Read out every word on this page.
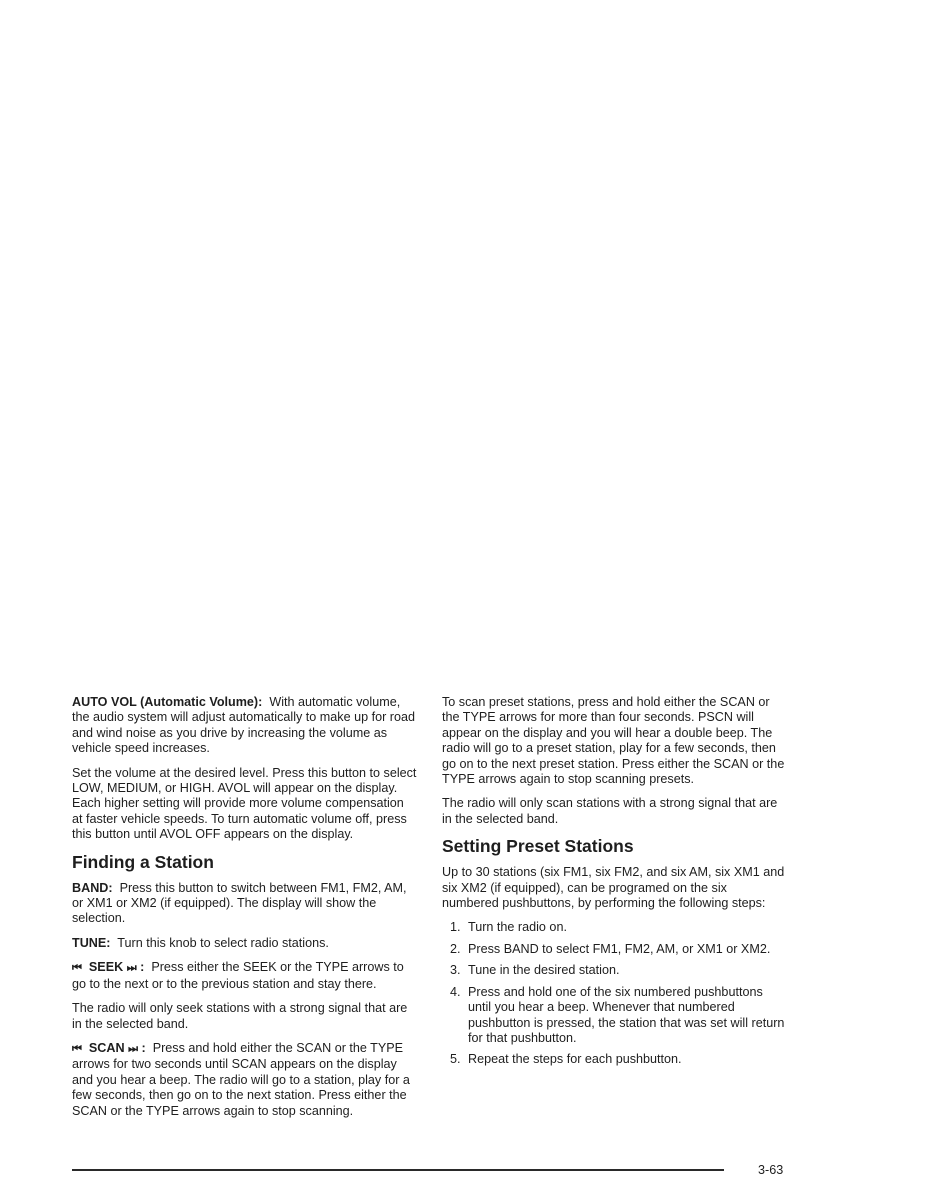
AUTO VOL (Automatic Volume): With automatic volume, the audio system will adjust automatically to make up for road and wind noise as you drive by increasing the volume as vehicle speed increases.

Set the volume at the desired level. Press this button to select LOW, MEDIUM, or HIGH. AVOL will appear on the display. Each higher setting will provide more volume compensation at faster vehicle speeds. To turn automatic volume off, press this button until AVOL OFF appears on the display.

Finding a Station

BAND: Press this button to switch between FM1, FM2, AM, or XM1 or XM2 (if equipped). The display will show the selection.

TUNE: Turn this knob to select radio stations.

⏮ SEEK ⏭ : Press either the SEEK or the TYPE arrows to go to the next or to the previous station and stay there.

The radio will only seek stations with a strong signal that are in the selected band.

⏮ SCAN ⏭ : Press and hold either the SCAN or the TYPE arrows for two seconds until SCAN appears on the display and you hear a beep. The radio will go to a station, play for a few seconds, then go on to the next station. Press either the SCAN or the TYPE arrows again to stop scanning.

To scan preset stations, press and hold either the SCAN or the TYPE arrows for more than four seconds. PSCN will appear on the display and you will hear a double beep. The radio will go to a preset station, play for a few seconds, then go on to the next preset station. Press either the SCAN or the TYPE arrows again to stop scanning presets.

The radio will only scan stations with a strong signal that are in the selected band.

Setting Preset Stations

Up to 30 stations (six FM1, six FM2, and six AM, six XM1 and six XM2 (if equipped), can be programed on the six numbered pushbuttons, by performing the following steps:

1. Turn the radio on.
2. Press BAND to select FM1, FM2, AM, or XM1 or XM2.
3. Tune in the desired station.
4. Press and hold one of the six numbered pushbuttons until you hear a beep. Whenever that numbered pushbutton is pressed, the station that was set will return for that pushbutton.
5. Repeat the steps for each pushbutton.
3-63
